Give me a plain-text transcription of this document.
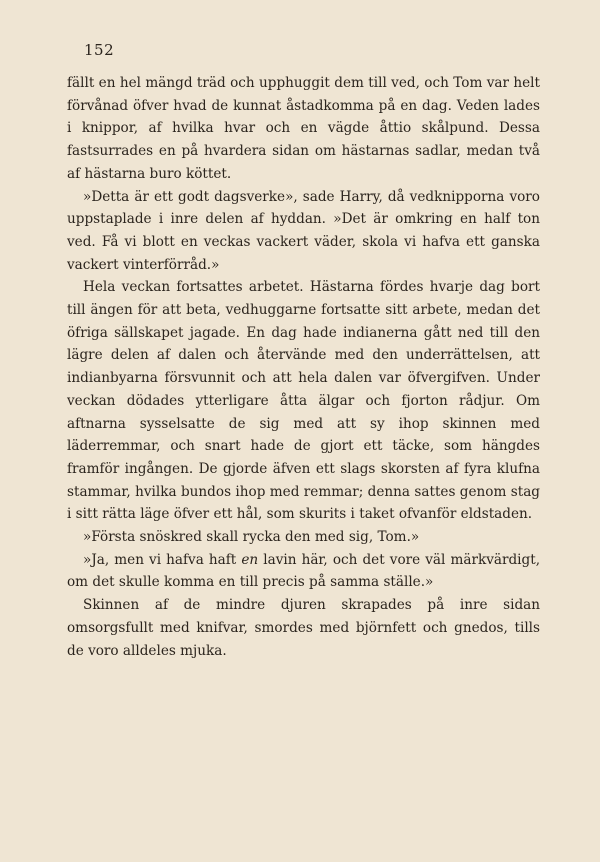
152

fällt en hel mängd träd och upphuggit dem till ved, och Tom var helt förvånad öfver hvad de kunnat åstadkomma på en dag. Veden lades i knippor, af hvilka hvar och en vägde åttio skålpund. Dessa fastsurrades en på hvardera sidan om hästarnas sadlar, medan två af hästarna buro köttet.

»Detta är ett godt dagsverke», sade Harry, då vedknipporna voro uppstaplade i inre delen af hyddan. »Det är omkring en half ton ved. Få vi blott en veckas vackert väder, skola vi hafva ett ganska vackert vinterförråd.»

Hela veckan fortsattes arbetet. Hästarna fördes hvarje dag bort till ängen för att beta, vedhuggarne fortsatte sitt arbete, medan det öfriga sällskapet jagade. En dag hade indianerna gått ned till den lägre delen af dalen och återvände med den underrättelsen, att indianbyarna försvunnit och att hela dalen var öfvergifven. Under veckan dödades ytterligare åtta älgar och fjorton rådjur. Om aftnarna sysselsatte de sig med att sy ihop skinnen med läderremmar, och snart hade de gjort ett täcke, som hängdes framför ingången. De gjorde äfven ett slags skorsten af fyra klufna stammar, hvilka bundos ihop med remmar; denna sattes genom stag i sitt rätta läge öfver ett hål, som skurits i taket ofvanför eldstaden.

»Första snöskred skall rycka den med sig, Tom.»

»Ja, men vi hafva haft en lavin här, och det vore väl märkvärdigt, om det skulle komma en till precis på samma ställe.»

Skinnen af de mindre djuren skrapades på inre sidan omsorgsfullt med knifvar, smordes med björnfett och gnedos, tills de voro alldeles mjuka.
